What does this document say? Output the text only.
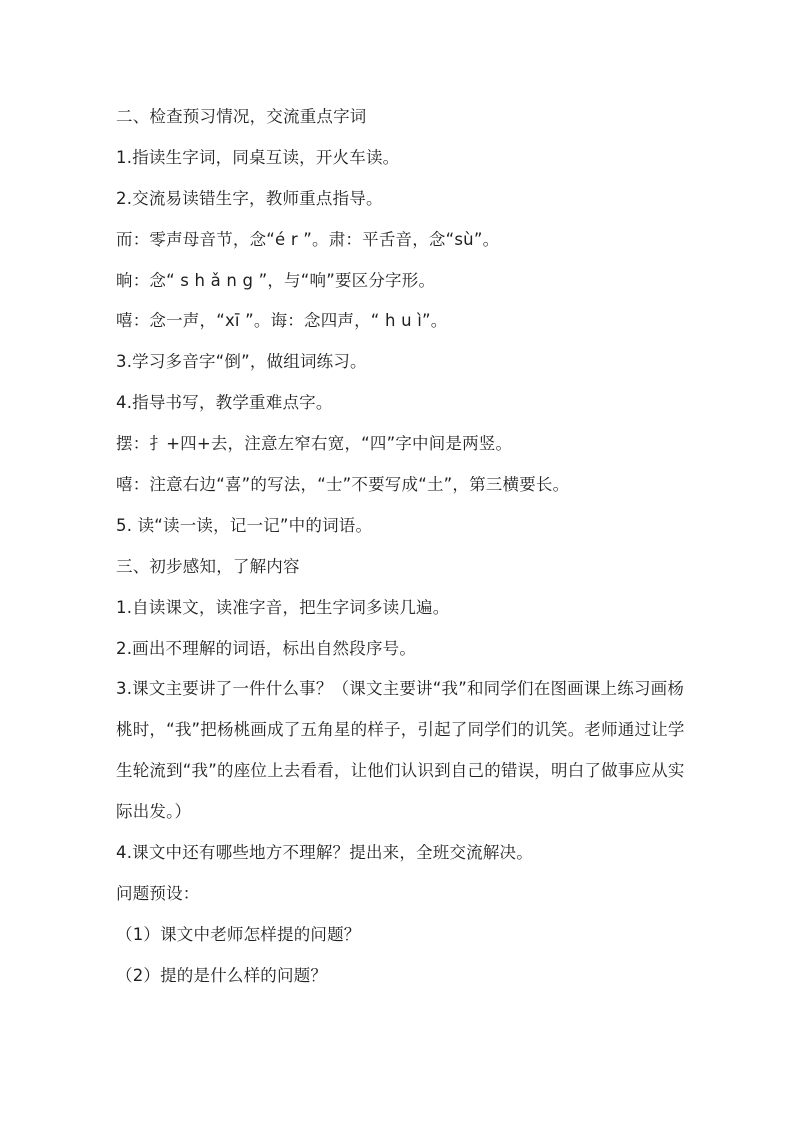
二、检查预习情况，交流重点字词
1.指读生字词，同桌互读，开火车读。
2.交流易读错生字，教师重点指导。
而：零声母音节，念“é r ”。肃：平舌音，念“sù”。
晌：念“ s h ǎ n g ”，与“响”要区分字形。
嘻：念一声，“xī ”。诲：念四声，“ h u ì”。
3.学习多音字“倒”，做组词练习。
4.指导书写，教学重难点字。
摆：扌+四+去，注意左窄右宽，“四”字中间是两竖。
嘻：注意右边“喜”的写法，“士”不要写成“土”，第三横要长。
5. 读“读一读，记一记”中的词语。
三、初步感知，了解内容
1.自读课文，读准字音，把生字词多读几遍。
2.画出不理解的词语，标出自然段序号。
3.课文主要讲了一件什么事？（课文主要讲“我”和同学们在图画课上练习画杨桃时，“我”把杨桃画成了五角星的样子，引起了同学们的讥笑。老师通过让学生轮流到“我”的座位上去看看，让他们认识到自己的错误，明白了做事应从实际出发。）
4.课文中还有哪些地方不理解？提出来，全班交流解决。
问题预设：
（1）课文中老师怎样提的问题？
（2）提的是什么样的问题？
